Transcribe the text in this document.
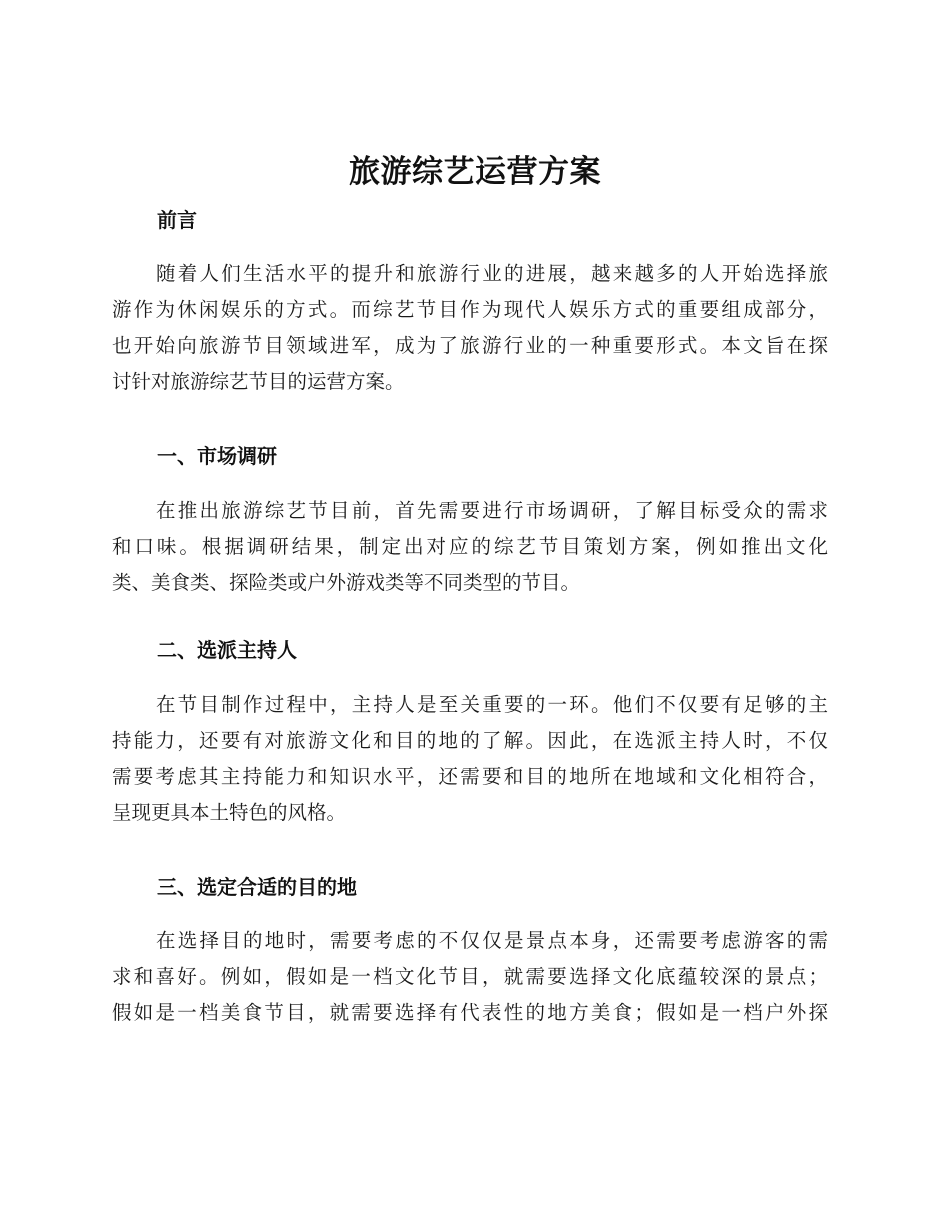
旅游综艺运营方案
前言
随着人们生活水平的提升和旅游行业的进展，越来越多的人开始选择旅
游作为休闲娱乐的方式。而综艺节目作为现代人娱乐方式的重要组成部分，
也开始向旅游节目领域进军，成为了旅游行业的一种重要形式。本文旨在探
讨针对旅游综艺节目的运营方案。
一、市场调研
在推出旅游综艺节目前，首先需要进行市场调研，了解目标受众的需求
和口味。根据调研结果，制定出对应的综艺节目策划方案，例如推出文化
类、美食类、探险类或户外游戏类等不同类型的节目。
二、选派主持人
在节目制作过程中，主持人是至关重要的一环。他们不仅要有足够的主
持能力，还要有对旅游文化和目的地的了解。因此，在选派主持人时，不仅
需要考虑其主持能力和知识水平，还需要和目的地所在地域和文化相符合，
呈现更具本土特色的风格。
三、选定合适的目的地
在选择目的地时，需要考虑的不仅仅是景点本身，还需要考虑游客的需
求和喜好。例如，假如是一档文化节目，就需要选择文化底蕴较深的景点；
假如是一档美食节目，就需要选择有代表性的地方美食；假如是一档户外探
